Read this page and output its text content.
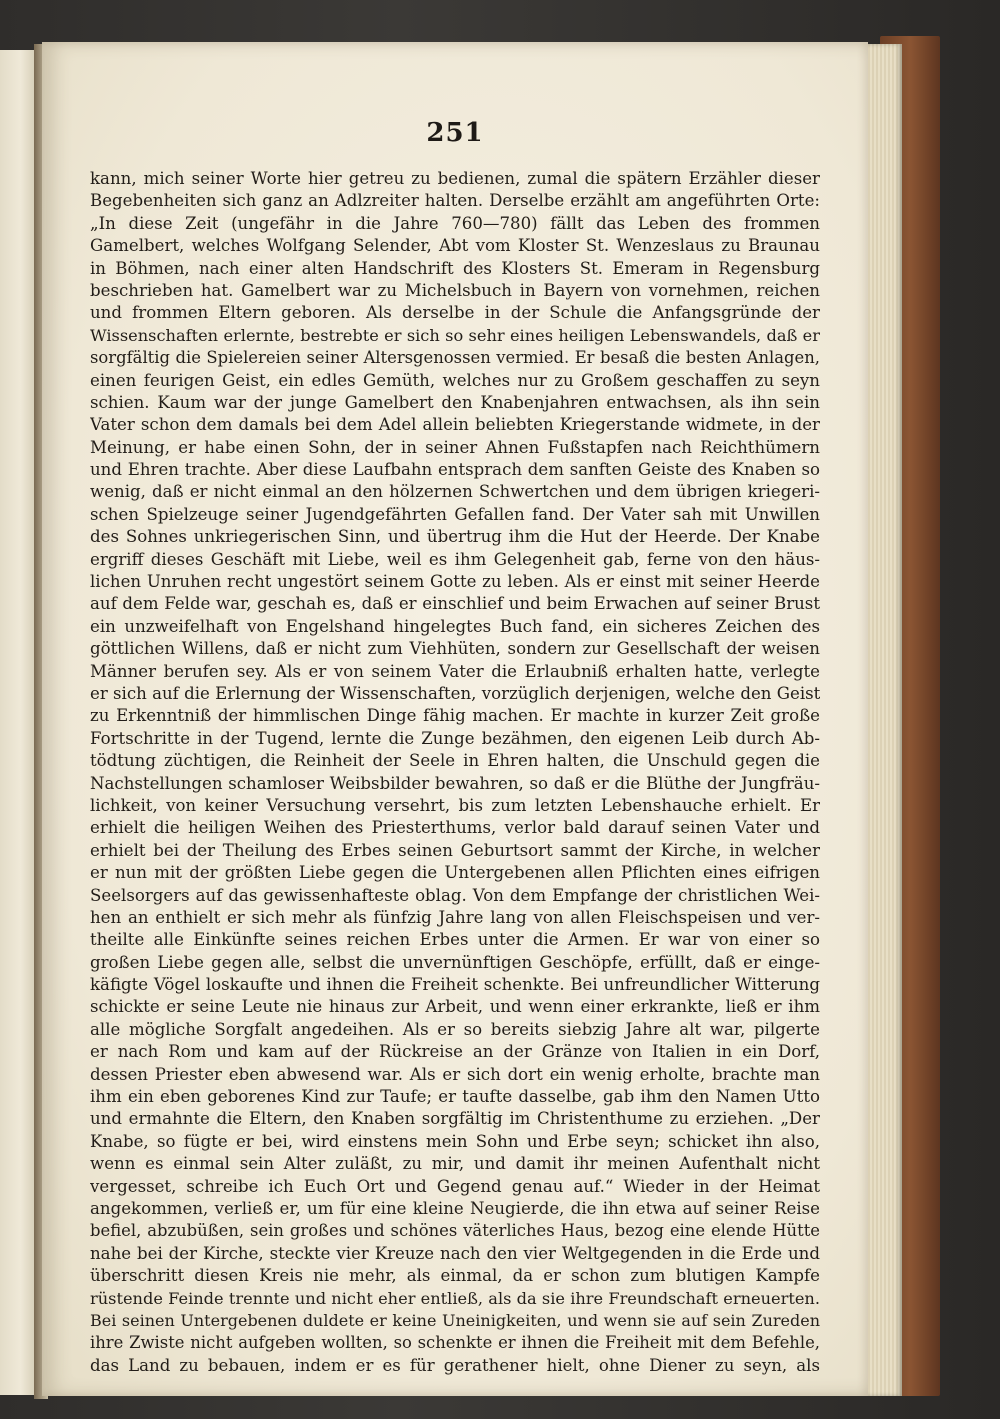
251
kann, mich seiner Worte hier getreu zu bedienen, zumal die spätern Erzähler dieser
Begebenheiten sich ganz an Adlzreiter halten. Derselbe erzählt am angeführten Orte:
„In diese Zeit (ungefähr in die Jahre 760—780) fällt das Leben des frommen
Gamelbert, welches Wolfgang Selender, Abt vom Kloster St. Wenzeslaus zu Braunau
in Böhmen, nach einer alten Handschrift des Klosters St. Emeram in Regensburg
beschrieben hat. Gamelbert war zu Michelsbuch in Bayern von vornehmen, reichen
und frommen Eltern geboren. Als derselbe in der Schule die Anfangsgründe der
Wissenschaften erlernte, bestrebte er sich so sehr eines heiligen Lebenswandels, daß er
sorgfältig die Spielereien seiner Altersgenossen vermied. Er besaß die besten Anlagen,
einen feurigen Geist, ein edles Gemüth, welches nur zu Großem geschaffen zu seyn
schien. Kaum war der junge Gamelbert den Knabenjahren entwachsen, als ihn sein
Vater schon dem damals bei dem Adel allein beliebten Kriegerstande widmete, in der
Meinung, er habe einen Sohn, der in seiner Ahnen Fußstapfen nach Reichthümern
und Ehren trachte. Aber diese Laufbahn entsprach dem sanften Geiste des Knaben so
wenig, daß er nicht einmal an den hölzernen Schwertchen und dem übrigen kriegeri-
schen Spielzeuge seiner Jugendgefährten Gefallen fand. Der Vater sah mit Unwillen
des Sohnes unkriegerischen Sinn, und übertrug ihm die Hut der Heerde. Der Knabe
ergriff dieses Geschäft mit Liebe, weil es ihm Gelegenheit gab, ferne von den häus-
lichen Unruhen recht ungestört seinem Gotte zu leben. Als er einst mit seiner Heerde
auf dem Felde war, geschah es, daß er einschlief und beim Erwachen auf seiner Brust
ein unzweifelhaft von Engelshand hingelegtes Buch fand, ein sicheres Zeichen des
göttlichen Willens, daß er nicht zum Viehhüten, sondern zur Gesellschaft der weisen
Männer berufen sey. Als er von seinem Vater die Erlaubniß erhalten hatte, verlegte
er sich auf die Erlernung der Wissenschaften, vorzüglich derjenigen, welche den Geist
zu Erkenntniß der himmlischen Dinge fähig machen. Er machte in kurzer Zeit große
Fortschritte in der Tugend, lernte die Zunge bezähmen, den eigenen Leib durch Ab-
tödtung züchtigen, die Reinheit der Seele in Ehren halten, die Unschuld gegen die
Nachstellungen schamloser Weibsbilder bewahren, so daß er die Blüthe der Jungfräu-
lichkeit, von keiner Versuchung versehrt, bis zum letzten Lebenshauche erhielt. Er
erhielt die heiligen Weihen des Priesterthums, verlor bald darauf seinen Vater und
erhielt bei der Theilung des Erbes seinen Geburtsort sammt der Kirche, in welcher
er nun mit der größten Liebe gegen die Untergebenen allen Pflichten eines eifrigen
Seelsorgers auf das gewissenhafteste oblag. Von dem Empfange der christlichen Wei-
hen an enthielt er sich mehr als fünfzig Jahre lang von allen Fleischspeisen und ver-
theilte alle Einkünfte seines reichen Erbes unter die Armen. Er war von einer so
großen Liebe gegen alle, selbst die unvernünftigen Geschöpfe, erfüllt, daß er einge-
käfigte Vögel loskaufte und ihnen die Freiheit schenkte. Bei unfreundlicher Witterung
schickte er seine Leute nie hinaus zur Arbeit, und wenn einer erkrankte, ließ er ihm
alle mögliche Sorgfalt angedeihen. Als er so bereits siebzig Jahre alt war, pilgerte
er nach Rom und kam auf der Rückreise an der Gränze von Italien in ein Dorf,
dessen Priester eben abwesend war. Als er sich dort ein wenig erholte, brachte man
ihm ein eben geborenes Kind zur Taufe; er taufte dasselbe, gab ihm den Namen Utto
und ermahnte die Eltern, den Knaben sorgfältig im Christenthume zu erziehen. „Der
Knabe, so fügte er bei, wird einstens mein Sohn und Erbe seyn; schicket ihn also,
wenn es einmal sein Alter zuläßt, zu mir, und damit ihr meinen Aufenthalt nicht
vergesset, schreibe ich Euch Ort und Gegend genau auf.“ Wieder in der Heimat
angekommen, verließ er, um für eine kleine Neugierde, die ihn etwa auf seiner Reise
befiel, abzubüßen, sein großes und schönes väterliches Haus, bezog eine elende Hütte
nahe bei der Kirche, steckte vier Kreuze nach den vier Weltgegenden in die Erde und
überschritt diesen Kreis nie mehr, als einmal, da er schon zum blutigen Kampfe
rüstende Feinde trennte und nicht eher entließ, als da sie ihre Freundschaft erneuerten.
Bei seinen Untergebenen duldete er keine Uneinigkeiten, und wenn sie auf sein Zureden
ihre Zwiste nicht aufgeben wollten, so schenkte er ihnen die Freiheit mit dem Befehle,
das Land zu bebauen, indem er es für gerathener hielt, ohne Diener zu seyn, als
